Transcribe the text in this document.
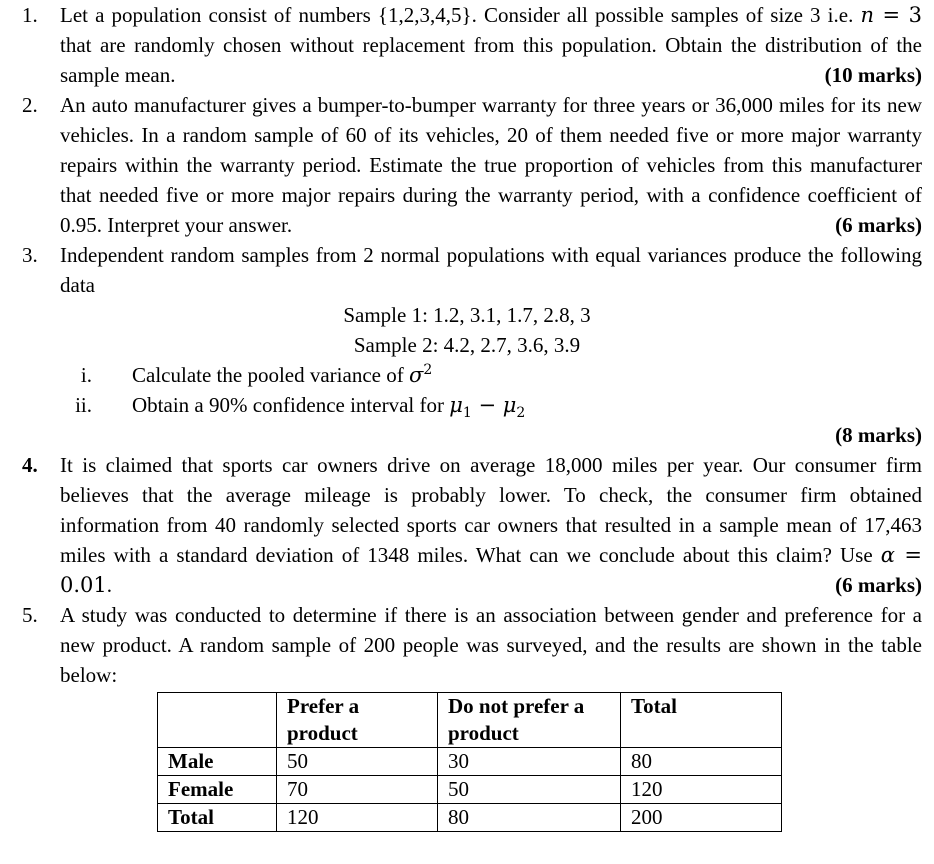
1. Let a population consist of numbers {1,2,3,4,5}. Consider all possible samples of size 3 i.e. n = 3 that are randomly chosen without replacement from this population. Obtain the distribution of the sample mean.	(10 marks)
2. An auto manufacturer gives a bumper-to-bumper warranty for three years or 36,000 miles for its new vehicles. In a random sample of 60 of its vehicles, 20 of them needed five or more major warranty repairs within the warranty period. Estimate the true proportion of vehicles from this manufacturer that needed five or more major repairs during the warranty period, with a confidence coefficient of 0.95. Interpret your answer.	(6 marks)
3. Independent random samples from 2 normal populations with equal variances produce the following data
Sample 1: 1.2, 3.1, 1.7, 2.8, 3
Sample 2: 4.2, 2.7, 3.6, 3.9
i. Calculate the pooled variance of $\sigma^2$
ii. Obtain a 90% confidence interval for $\mu_1 - \mu_2$
(8 marks)
4. It is claimed that sports car owners drive on average 18,000 miles per year. Our consumer firm believes that the average mileage is probably lower. To check, the consumer firm obtained information from 40 randomly selected sports car owners that resulted in a sample mean of 17,463 miles with a standard deviation of 1348 miles. What can we conclude about this claim? Use α = 0.01.	(6 marks)
5. A study was conducted to determine if there is an association between gender and preference for a new product. A random sample of 200 people was surveyed, and the results are shown in the table below:
	Prefer a product	Do not prefer a product	Total
Male	50	30	80
Female	70	50	120
Total	120	80	200
